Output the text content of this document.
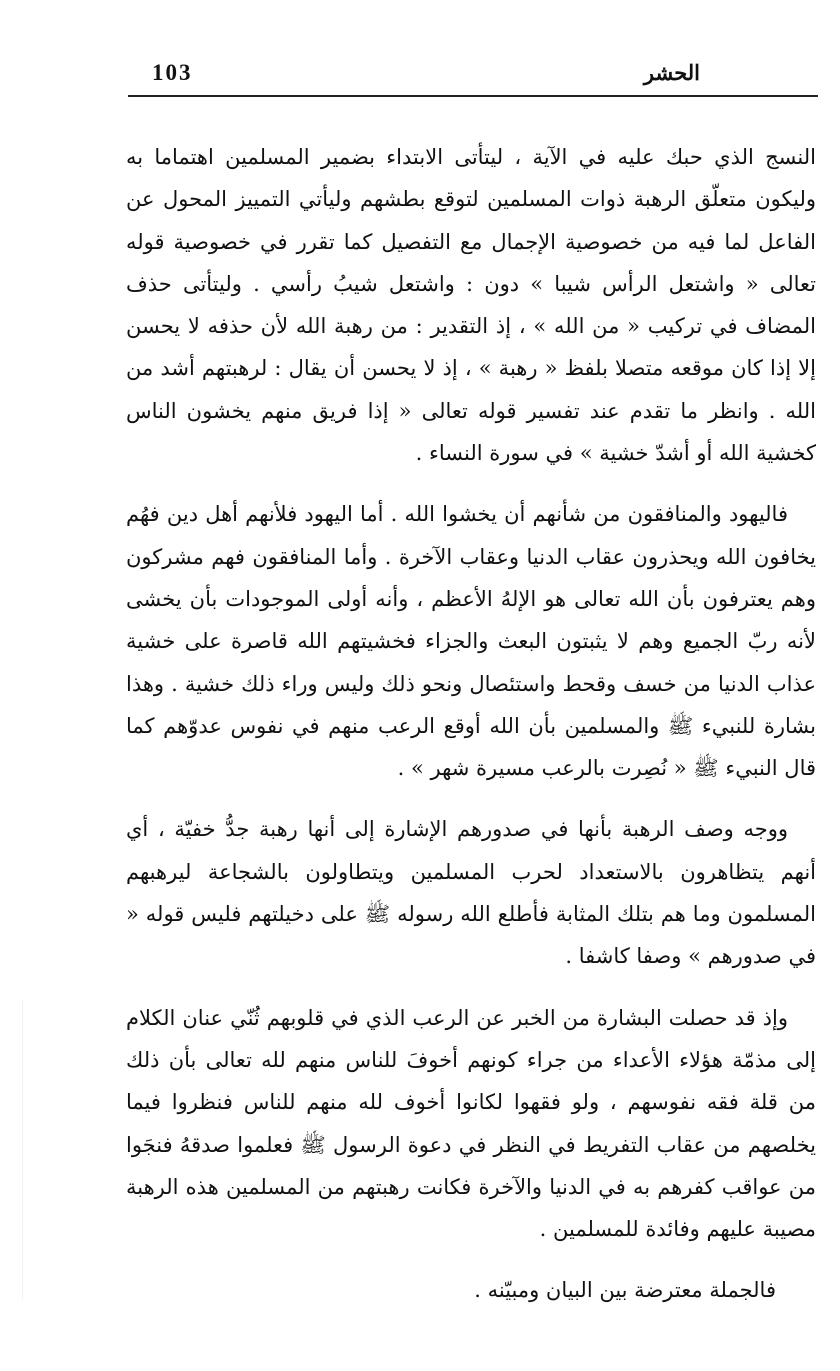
103	الحشر

النسج الذي حبك عليه في الآية ، ليتأتى الابتداء بضمير المسلمين اهتماما به وليكون متعلّق الرهبة ذوات المسلمين لتوقع بطشهم وليأتي التمييز المحول عن الفاعل لما فيه من خصوصية الإجمال مع التفصيل كما تقرر في خصوصية قوله تعالى « واشتعل الرأس شيبا » دون : واشتعل شيبُ رأسي . وليتأتى حذف المضاف في تركيب « من الله » ، إذ التقدير : من رهبة الله لأن حذفه لا يحسن إلا إذا كان موقعه متصلا بلفظ « رهبة » ، إذ لا يحسن أن يقال : لرهبتهم أشد من الله . وانظر ما تقدم عند تفسير قوله تعالى « إذا فريق منهم يخشون الناس كخشية الله أو أشدّ خشية » في سورة النساء .

فاليهود والمنافقون من شأنهم أن يخشوا الله . أما اليهود فلأنهم أهل دين فهُم يخافون الله ويحذرون عقاب الدنيا وعقاب الآخرة . وأما المنافقون فهم مشركون وهم يعترفون بأن الله تعالى هو الإلهُ الأعظم ، وأنه أولى الموجودات بأن يخشى لأنه ربّ الجميع وهم لا يثبتون البعث والجزاء فخشيتهم الله قاصرة على خشية عذاب الدنيا من خسف وقحط واستئصال ونحو ذلك وليس وراء ذلك خشية . وهذا بشارة للنبيء ﷺ والمسلمين بأن الله أوقع الرعب منهم في نفوس عدوّهم كما قال النبيء ﷺ « نُصِرت بالرعب مسيرة شهر » .

ووجه وصف الرهبة بأنها في صدورهم الإشارة إلى أنها رهبة جدُّ خفيّة ، أي أنهم يتظاهرون بالاستعداد لحرب المسلمين ويتطاولون بالشجاعة ليرهبهم المسلمون وما هم بتلك المثابة فأطلع الله رسوله ﷺ على دخيلتهم فليس قوله « في صدورهم » وصفا كاشفا .

وإذ قد حصلت البشارة من الخبر عن الرعب الذي في قلوبهم ثُنّي عنان الكلام إلى مذمّة هؤلاء الأعداء من جراء كونهم أخوفَ للناس منهم لله تعالى بأن ذلك من قلة فقه نفوسهم ، ولو فقهوا لكانوا أخوف لله منهم للناس فنظروا فيما يخلصهم من عقاب التفريط في النظر في دعوة الرسول ﷺ فعلموا صدقهُ فنجَوا من عواقب كفرهم به في الدنيا والآخرة فكانت رهبتهم من المسلمين هذه الرهبة مصيبة عليهم وفائدة للمسلمين .

فالجملة معترضة بين البيان ومبيّنه .
